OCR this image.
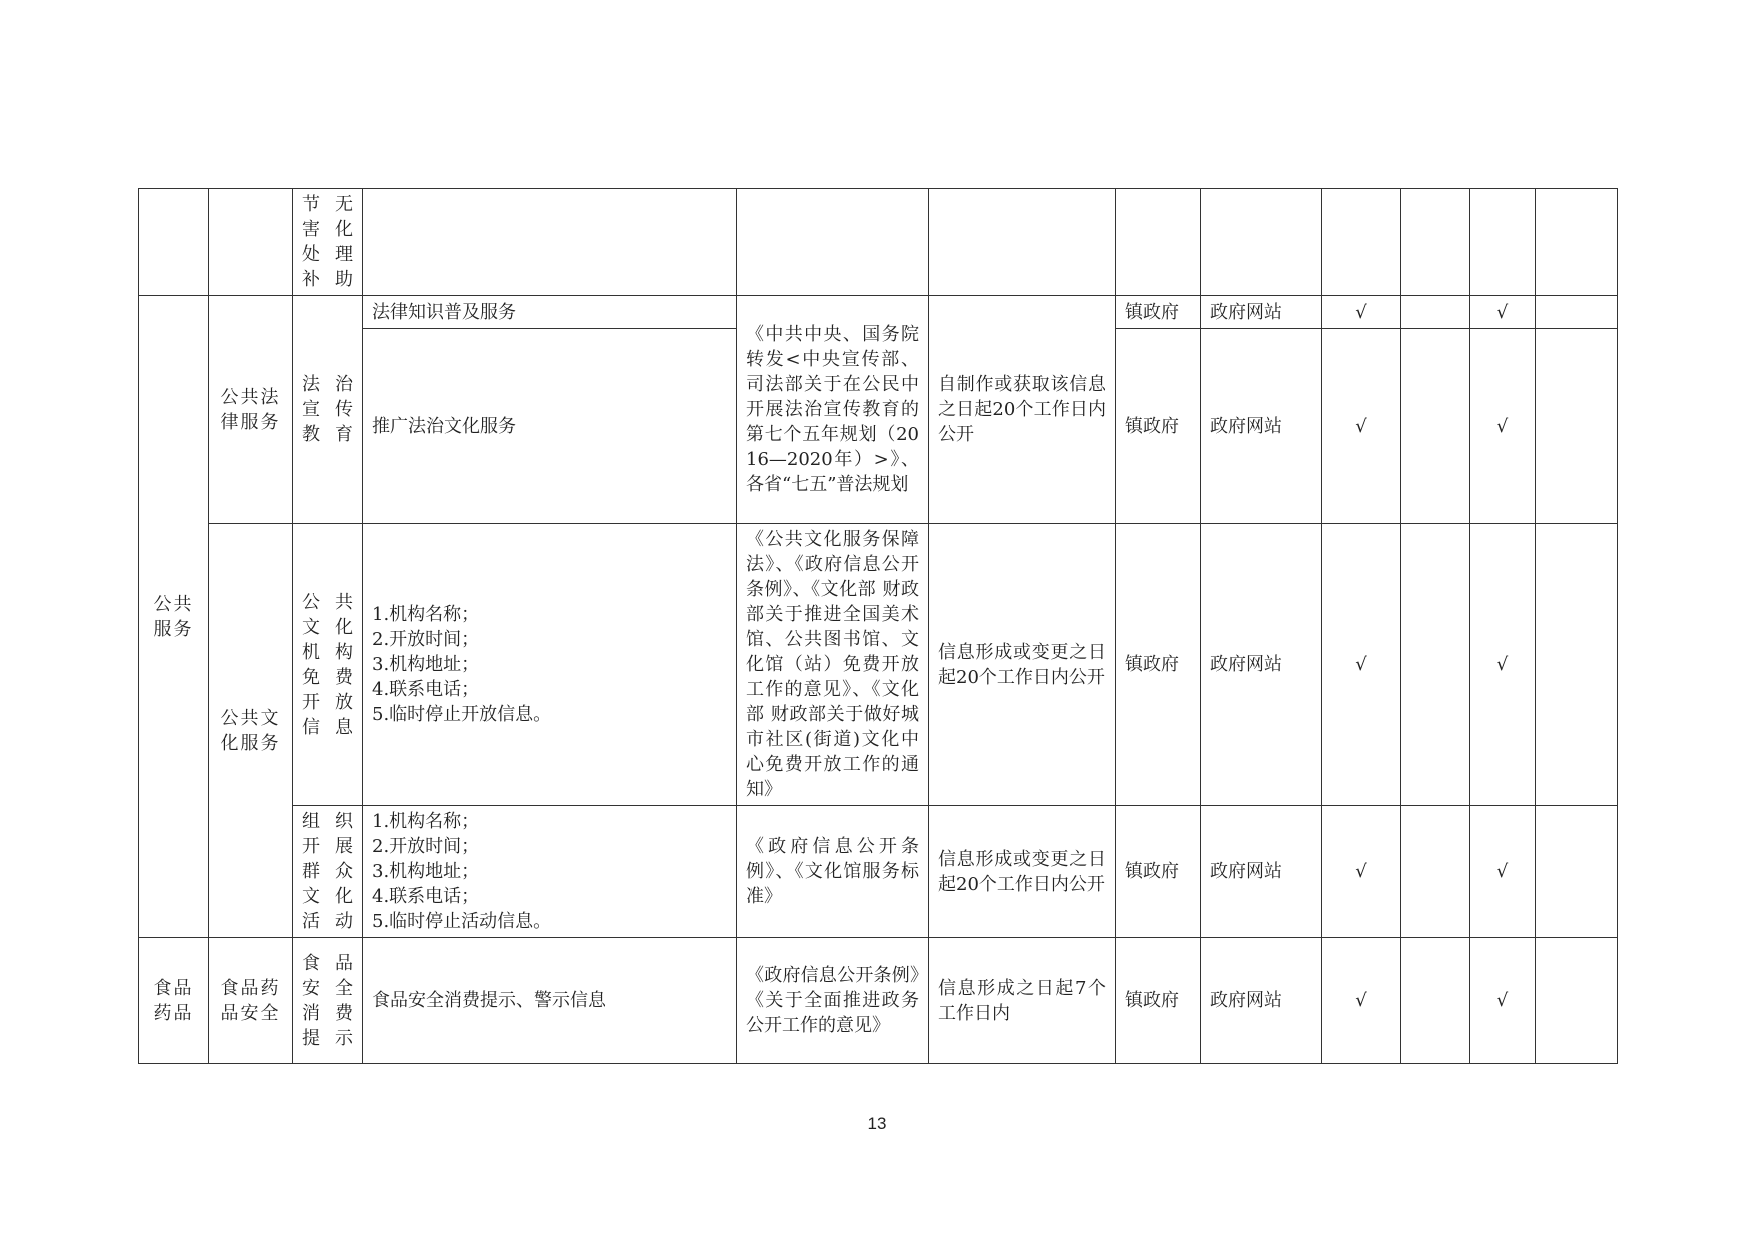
		节无害化处理补助									
公共服务	公共法律服务	法治宣传教育	法律知识普及服务	《中共中央、国务院转发<中央宣传部、司法部关于在公民中开展法治宣传教育的第七个五年规划（2016—2020年）>》、各省“七五”普法规划	自制作或获取该信息之日起20个工作日内公开	镇政府	政府网站	√		√	

			推广法治文化服务			镇政府	政府网站	√		√	
	公共文化服务	公共文化机构免费开放信息	1.机构名称；
2.开放时间；
3.机构地址；
4.联系电话；
5.临时停止开放信息。	《公共文化服务保障法》、《政府信息公开条例》、《文化部 财政部关于推进全国美术馆、公共图书馆、文化馆（站）免费开放工作的意见》、《文化部 财政部关于做好城市社区(街道)文化中心免费开放工作的通知》	信息形成或变更之日起20个工作日内公开	镇政府	政府网站	√		√	
		组织开展群众文化活动	1.机构名称；
2.开放时间；
3.机构地址；
4.联系电话；
5.临时停止活动信息。	《政府信息公开条例》、《文化馆服务标准》	信息形成或变更之日起20个工作日内公开	镇政府	政府网站	√		√	
食品药品	食品药品安全	食品安全消费提示	食品安全消费提示、警示信息	《政府信息公开条例》《关于全面推进政务公开工作的意见》	信息形成之日起7个工作日内	镇政府	政府网站	√		√	
13
